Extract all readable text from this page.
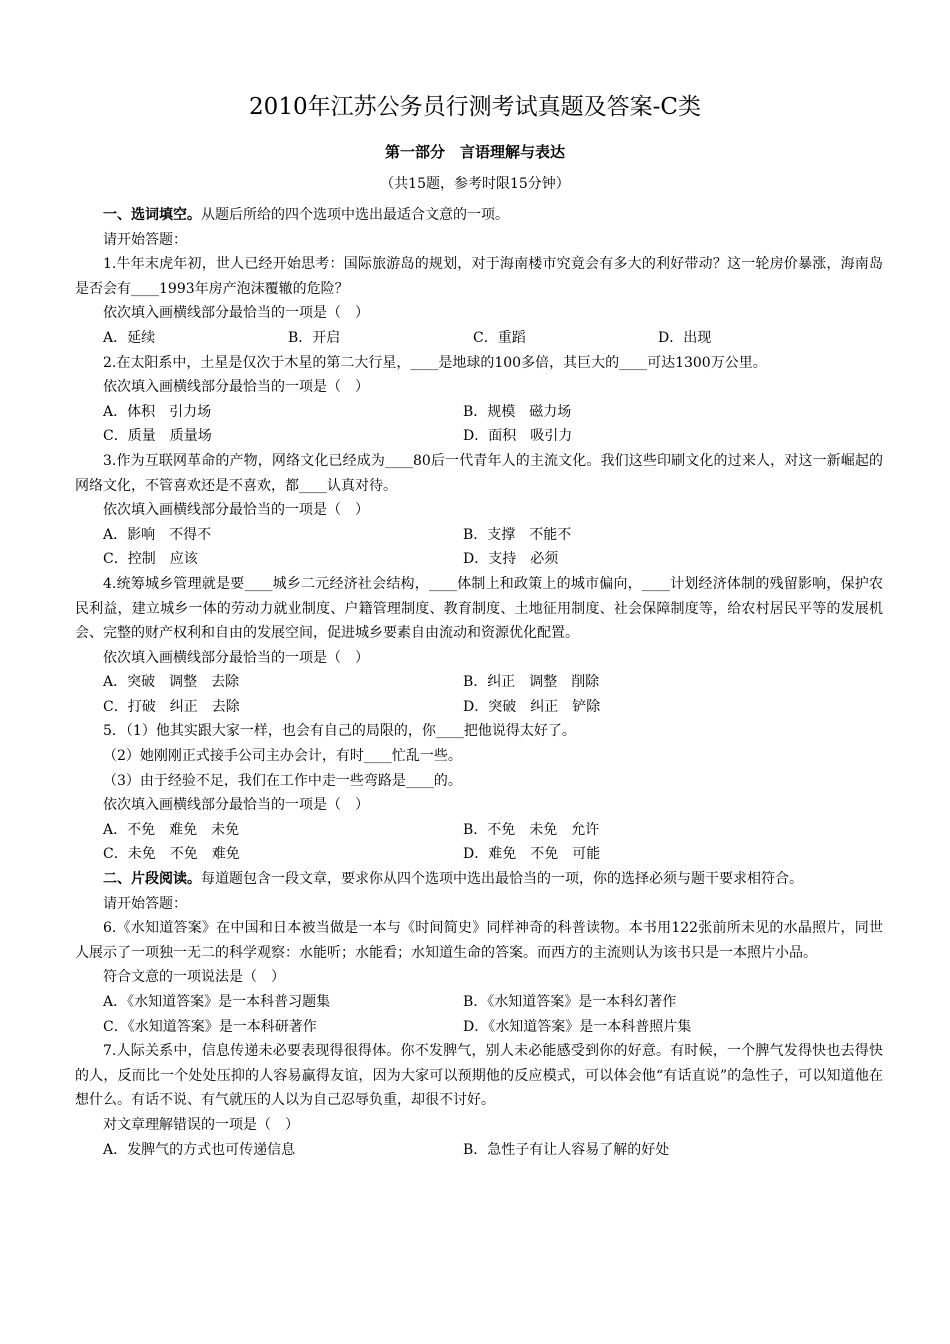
2010年江苏公务员行测考试真题及答案-C类
第一部分　言语理解与表达
（共15题，参考时限15分钟）

一、选词填空。从题后所给的四个选项中选出最适合文意的一项。

请开始答题：

1.牛年末虎年初，世人已经开始思考：国际旅游岛的规划，对于海南楼市究竟会有多大的利好带动？这一轮房价暴涨，海南岛是否会有____1993年房产泡沫覆辙的危险？

依次填入画横线部分最恰当的一项是（　）

A．延续	B．开启	C．重蹈	D．出现

2.在太阳系中，土星是仅次于木星的第二大行星，____是地球的100多倍，其巨大的____可达1300万公里。

依次填入画横线部分最恰当的一项是（　）

A．体积　引力场	B．规模　磁力场
C．质量　质量场	D．面积　吸引力

3.作为互联网革命的产物，网络文化已经成为____80后一代青年人的主流文化。我们这些印刷文化的过来人，对这一新崛起的网络文化，不管喜欢还是不喜欢，都____认真对待。

依次填入画横线部分最恰当的一项是（　）

A．影响　不得不	B．支撑　不能不
C．控制　应该	D．支持　必须

4.统筹城乡管理就是要____城乡二元经济社会结构，____体制上和政策上的城市偏向，____计划经济体制的残留影响，保护农民利益，建立城乡一体的劳动力就业制度、户籍管理制度、教育制度、土地征用制度、社会保障制度等，给农村居民平等的发展机会、完整的财产权利和自由的发展空间，促进城乡要素自由流动和资源优化配置。

依次填入画横线部分最恰当的一项是（　）

A．突破　调整　去除	B．纠正　调整　削除
C．打破　纠正　去除	D．突破　纠正　铲除

5．（1）他其实跟大家一样，也会有自己的局限的，你____把他说得太好了。

（2）她刚刚正式接手公司主办会计，有时____忙乱一些。

（3）由于经验不足，我们在工作中走一些弯路是____的。

依次填入画横线部分最恰当的一项是（　）

A．不免　难免　未免	B．不免　未免　允许
C．未免　不免　难免	D．难免　不免　可能

二、片段阅读。每道题包含一段文章，要求你从四个选项中选出最恰当的一项，你的选择必须与题干要求相符合。

请开始答题：

6.《水知道答案》在中国和日本被当做是一本与《时间简史》同样神奇的科普读物。本书用122张前所未见的水晶照片，同世人展示了一项独一无二的科学观察：水能听；水能看；水知道生命的答案。而西方的主流则认为该书只是一本照片小品。

符合文意的一项说法是（　）

A．《水知道答案》是一本科普习题集	B．《水知道答案》是一本科幻著作
C．《水知道答案》是一本科研著作	D．《水知道答案》是一本科普照片集

7.人际关系中，信息传递未必要表现得很得体。你不发脾气，别人未必能感受到你的好意。有时候，一个脾气发得快也去得快的人，反而比一个处处压抑的人容易赢得友谊，因为大家可以预期他的反应模式，可以体会他“有话直说”的急性子，可以知道他在想什么。有话不说、有气就压的人以为自己忍辱负重，却很不讨好。

对文章理解错误的一项是（　）

A．发脾气的方式也可传递信息	B．急性子有让人容易了解的好处
